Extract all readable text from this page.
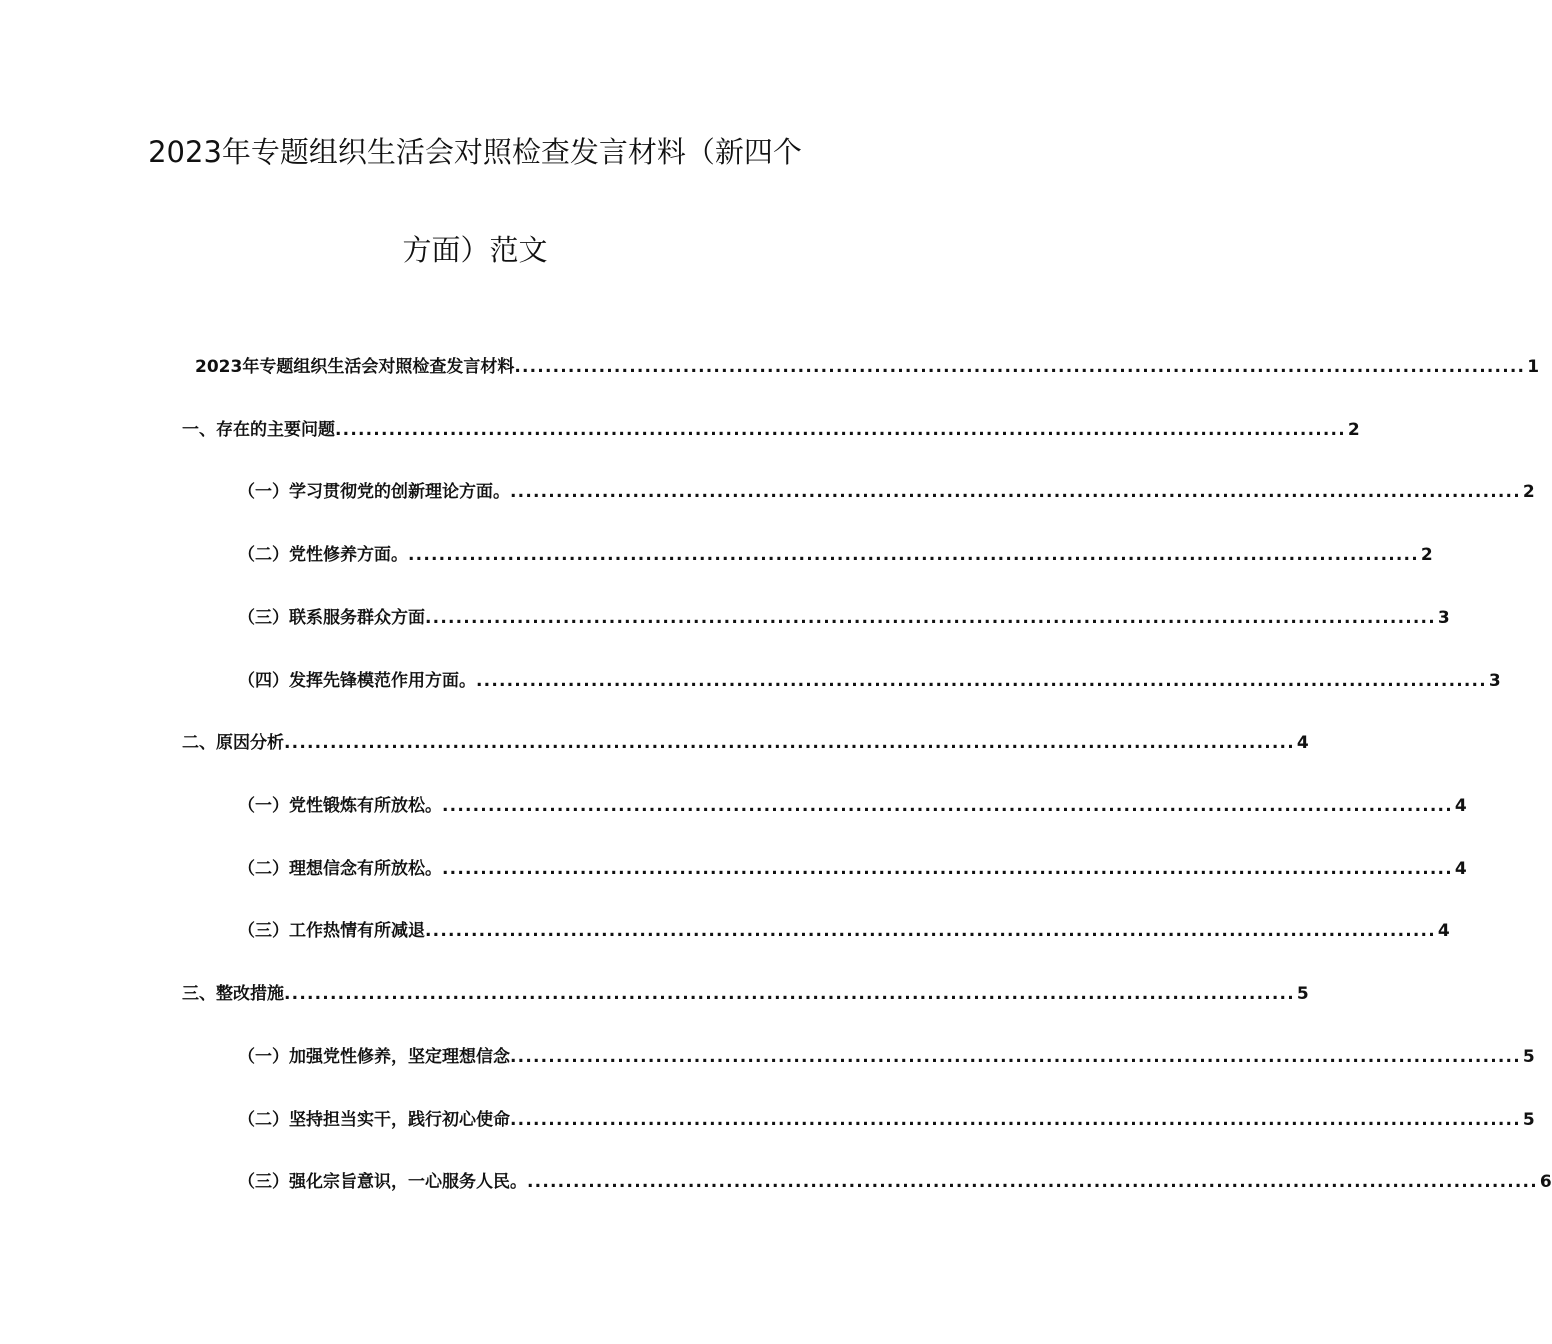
2023年专题组织生活会对照检查发言材料（新四个
方面）范文
2023年专题组织生活会对照检查发言材料 .................................................................................................................................... 1
一、存在的主要问题 .................................................................................................................................... 2
（一）学习贯彻党的创新理论方面。 .................................................................................................................................... 2
（二）党性修养方面。 .................................................................................................................................... 2
（三）联系服务群众方面 .................................................................................................................................... 3
（四）发挥先锋模范作用方面。 .................................................................................................................................... 3
二、原因分析 .................................................................................................................................... 4
（一）党性锻炼有所放松。 .................................................................................................................................... 4
（二）理想信念有所放松。 .................................................................................................................................... 4
（三）工作热情有所减退 .................................................................................................................................... 4
三、整改措施 .................................................................................................................................... 5
（一）加强党性修养，坚定理想信念 .................................................................................................................................... 5
（二）坚持担当实干，践行初心使命 .................................................................................................................................... 5
（三）强化宗旨意识，一心服务人民。 .................................................................................................................................... 6
